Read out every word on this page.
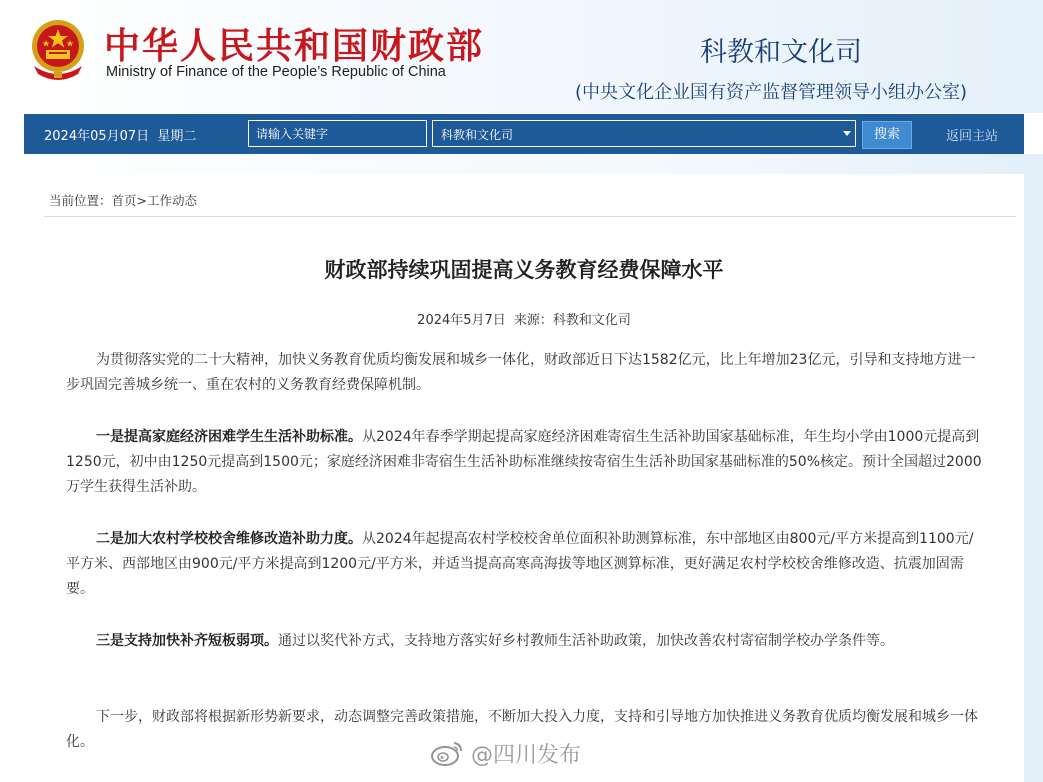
中华人民共和国财政部
Ministry of Finance of the People’s Republic of China
科教和文化司
(中央文化企业国有资产监督管理领导小组办公室)
2024年05月07日  星期二
请输入关键字	科教和文化司	搜索	返回主站
当前位置：首页>工作动态
财政部持续巩固提高义务教育经费保障水平
2024年5月7日 来源：科教和文化司

为贯彻落实党的二十大精神，加快义务教育优质均衡发展和城乡一体化，财政部近日下达1582亿元，比上年增加23亿元，引导和支持地方进一步巩固完善城乡统一、重在农村的义务教育经费保障机制。

一是提高家庭经济困难学生生活补助标准。从2024年春季学期起提高家庭经济困难寄宿生生活补助国家基础标准，年生均小学由1000元提高到1250元，初中由1250元提高到1500元；家庭经济困难非寄宿生生活补助标准继续按寄宿生生活补助国家基础标准的50%核定。预计全国超过2000万学生获得生活补助。

二是加大农村学校校舍维修改造补助力度。从2024年起提高农村学校校舍单位面积补助测算标准，东中部地区由800元/平方米提高到1100元/平方米、西部地区由900元/平方米提高到1200元/平方米，并适当提高高寒高海拔等地区测算标准，更好满足农村学校校舍维修改造、抗震加固需要。

三是支持加快补齐短板弱项。通过以奖代补方式，支持地方落实好乡村教师生活补助政策，加快改善农村寄宿制学校办学条件等。

下一步，财政部将根据新形势新要求，动态调整完善政策措施，不断加大投入力度，支持和引导地方加快推进义务教育优质均衡发展和城乡一体化。

@四川发布
